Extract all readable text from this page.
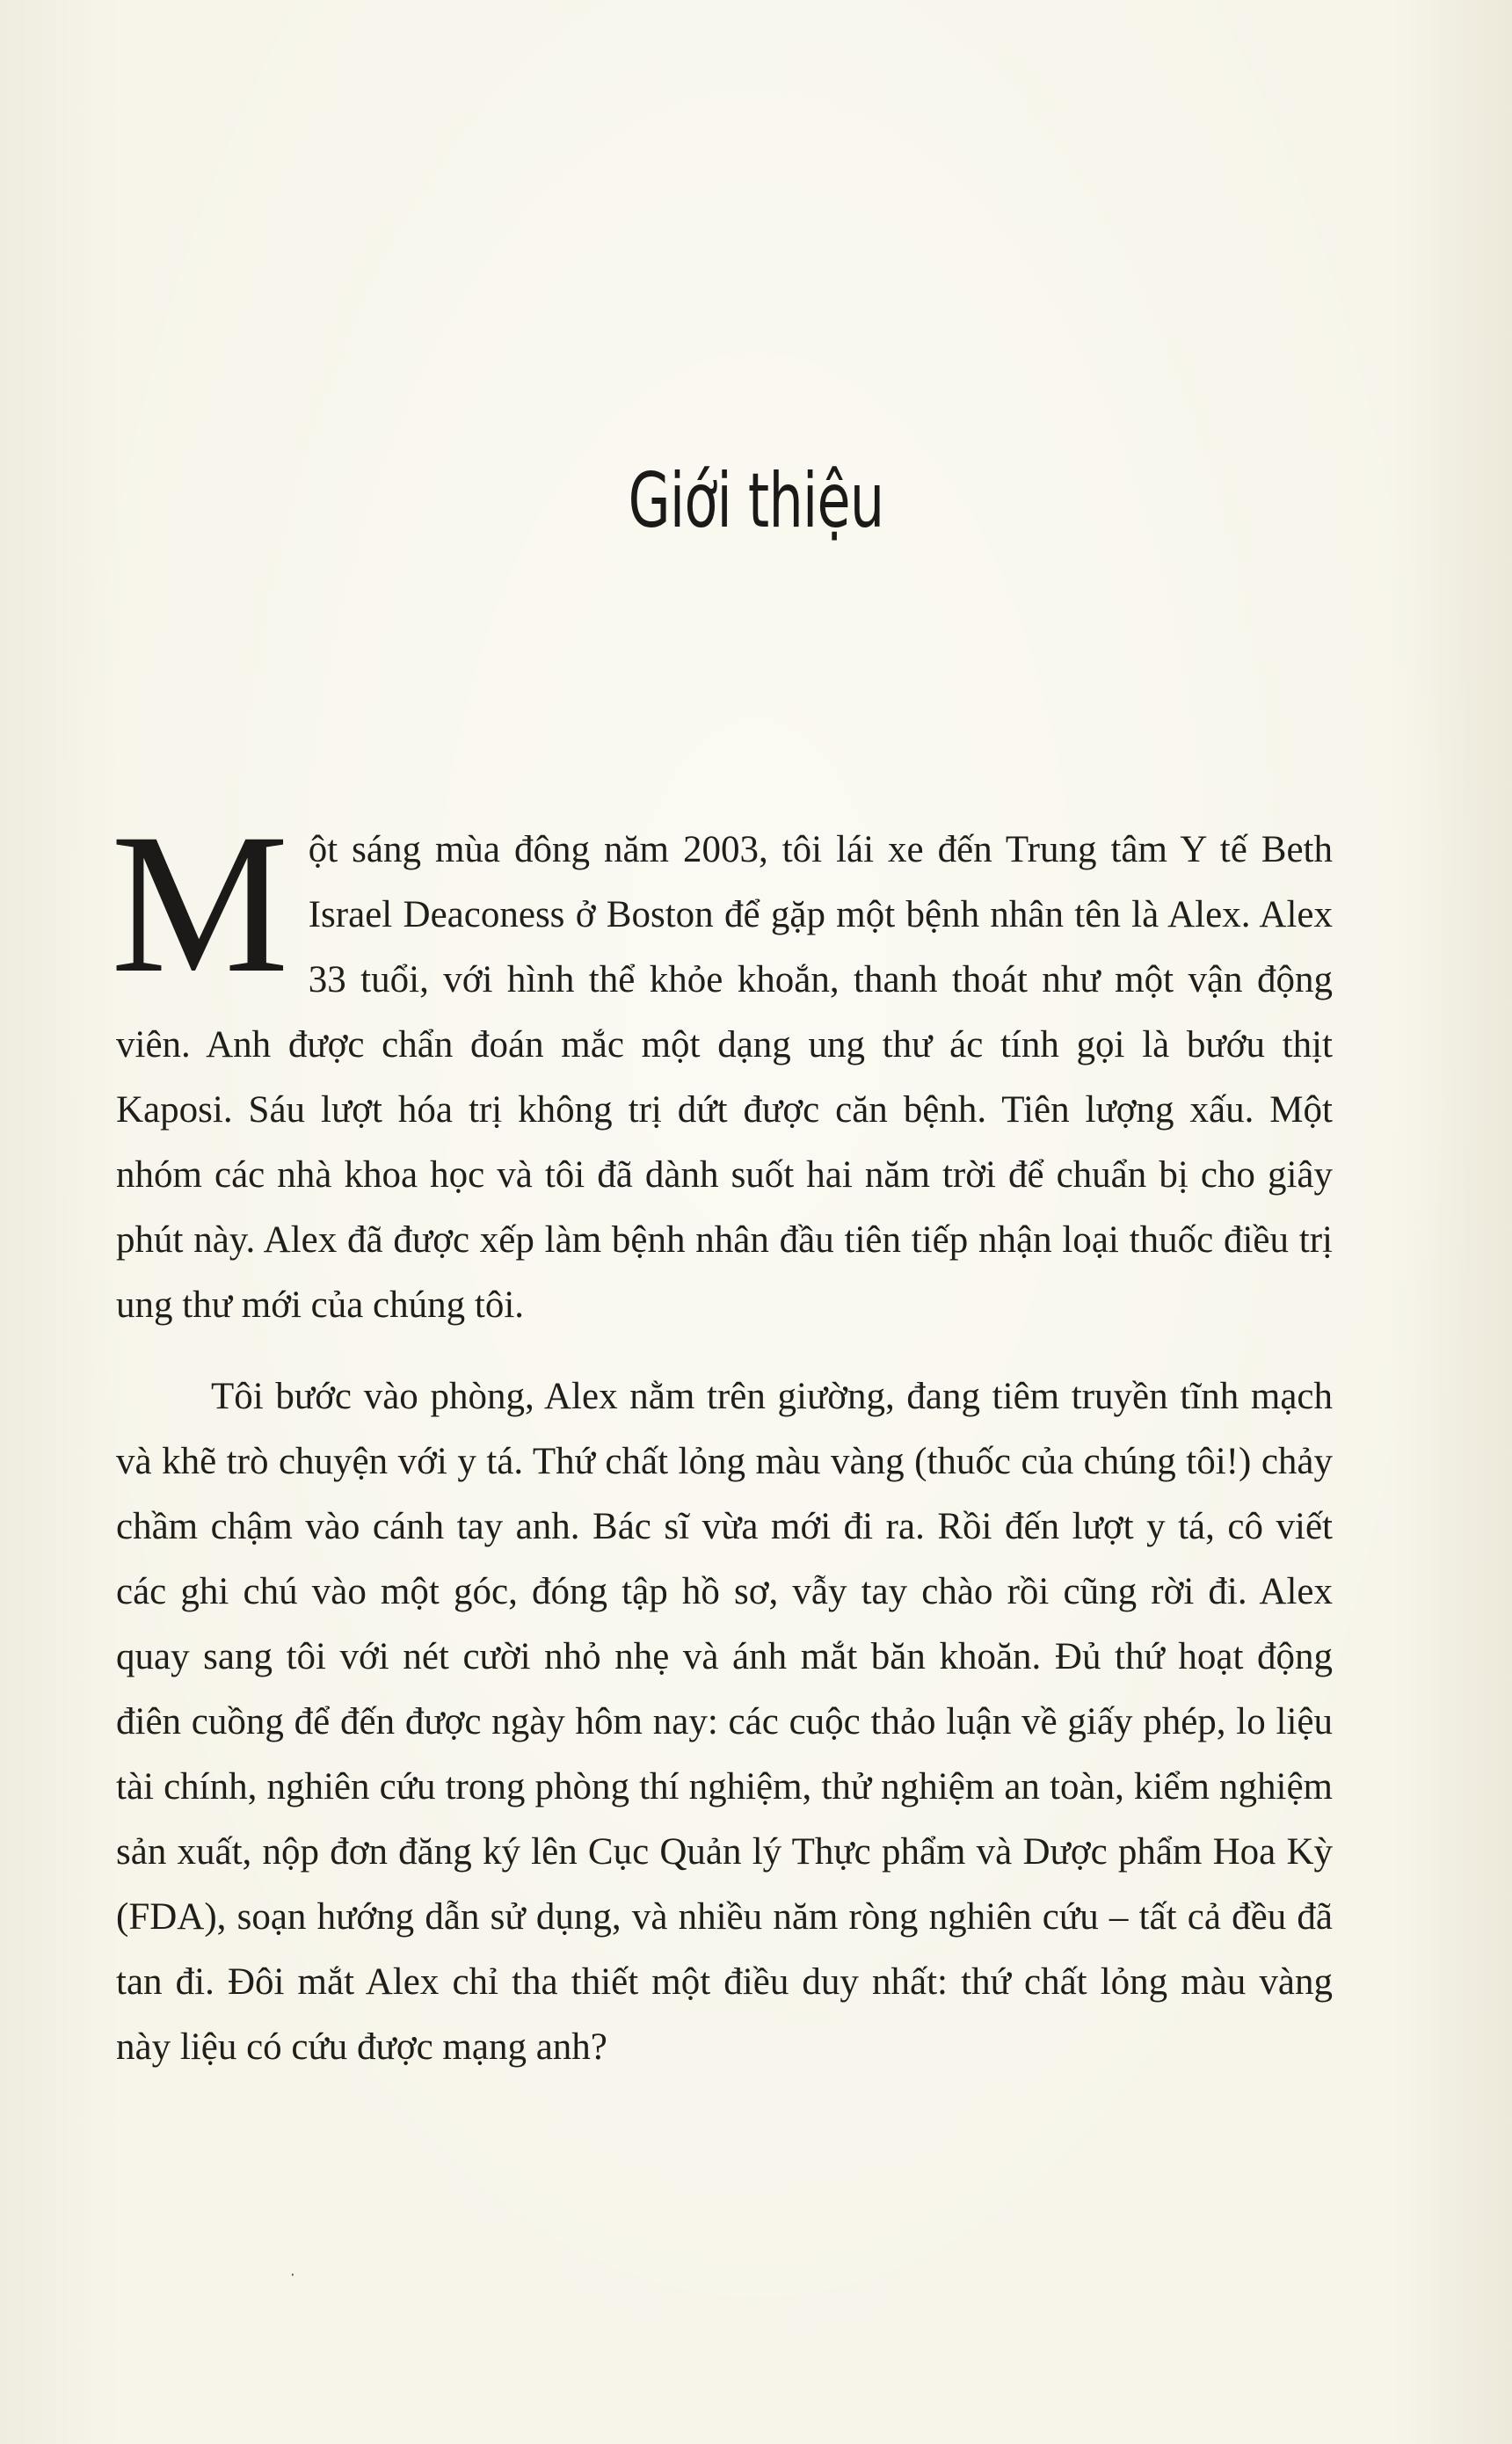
Giới thiệu

Một sáng mùa đông năm 2003, tôi lái xe đến Trung tâm Y tế Beth Israel Deaconess ở Boston để gặp một bệnh nhân tên là Alex. Alex 33 tuổi, với hình thể khỏe khoắn, thanh thoát như một vận động viên. Anh được chẩn đoán mắc một dạng ung thư ác tính gọi là bướu thịt Kaposi. Sáu lượt hóa trị không trị dứt được căn bệnh. Tiên lượng xấu. Một nhóm các nhà khoa học và tôi đã dành suốt hai năm trời để chuẩn bị cho giây phút này. Alex đã được xếp làm bệnh nhân đầu tiên tiếp nhận loại thuốc điều trị ung thư mới của chúng tôi.

Tôi bước vào phòng, Alex nằm trên giường, đang tiêm truyền tĩnh mạch và khẽ trò chuyện với y tá. Thứ chất lỏng màu vàng (thuốc của chúng tôi!) chảy chầm chậm vào cánh tay anh. Bác sĩ vừa mới đi ra. Rồi đến lượt y tá, cô viết các ghi chú vào một góc, đóng tập hồ sơ, vẫy tay chào rồi cũng rời đi. Alex quay sang tôi với nét cười nhỏ nhẹ và ánh mắt băn khoăn. Đủ thứ hoạt động điên cuồng để đến được ngày hôm nay: các cuộc thảo luận về giấy phép, lo liệu tài chính, nghiên cứu trong phòng thí nghiệm, thử nghiệm an toàn, kiểm nghiệm sản xuất, nộp đơn đăng ký lên Cục Quản lý Thực phẩm và Dược phẩm Hoa Kỳ (FDA), soạn hướng dẫn sử dụng, và nhiều năm ròng nghiên cứu – tất cả đều đã tan đi. Đôi mắt Alex chỉ tha thiết một điều duy nhất: thứ chất lỏng màu vàng này liệu có cứu được mạng anh?

‧
